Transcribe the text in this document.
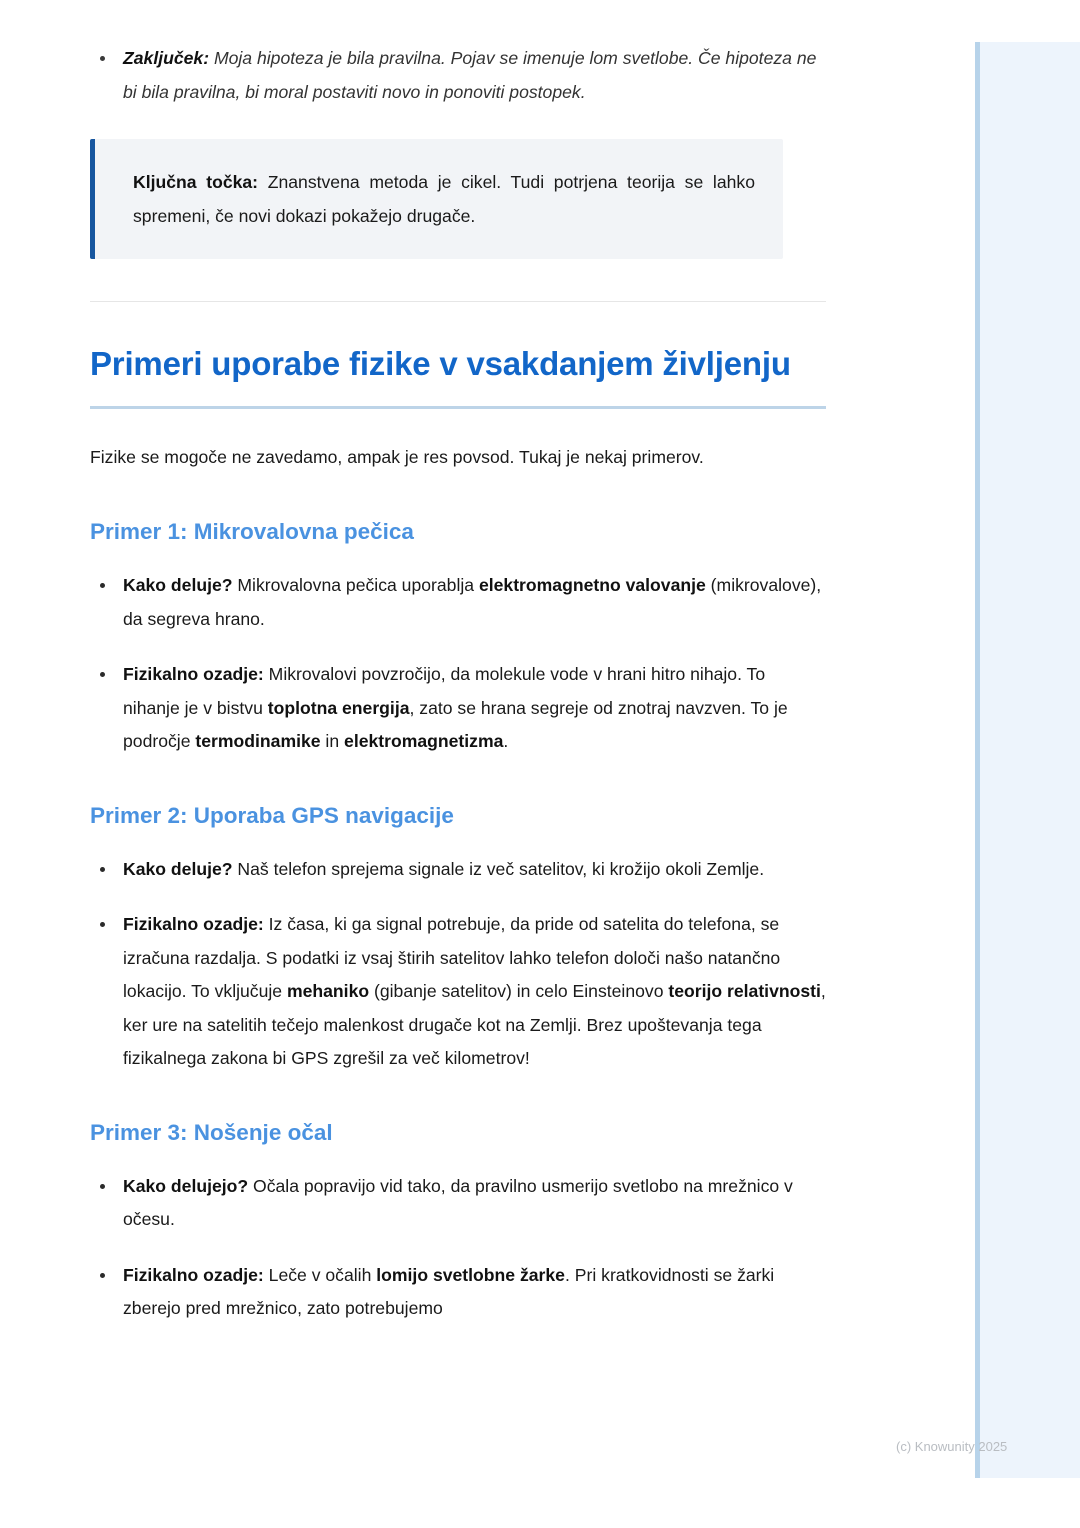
Zaključek: Moja hipoteza je bila pravilna. Pojav se imenuje lom svetlobe. Če hipoteza ne bi bila pravilna, bi moral postaviti novo in ponoviti postopek.

Ključna točka: Znanstvena metoda je cikel. Tudi potrjena teorija se lahko spremeni, če novi dokazi pokažejo drugače.

Primeri uporabe fizike v vsakdanjem življenju

Fizike se mogoče ne zavedamo, ampak je res povsod. Tukaj je nekaj primerov.

Primer 1: Mikrovalovna pečica
Kako deluje? Mikrovalovna pečica uporablja elektromagnetno valovanje (mikrovalove), da segreva hrano.
Fizikalno ozadje: Mikrovalovi povzročijo, da molekule vode v hrani hitro nihajo. To nihanje je v bistvu toplotna energija, zato se hrana segreje od znotraj navzven. To je področje termodinamike in elektromagnetizma.
Primer 2: Uporaba GPS navigacije
Kako deluje? Naš telefon sprejema signale iz več satelitov, ki krožijo okoli Zemlje.
Fizikalno ozadje: Iz časa, ki ga signal potrebuje, da pride od satelita do telefona, se izračuna razdalja. S podatki iz vsaj štirih satelitov lahko telefon določi našo natančno lokacijo. To vključuje mehaniko (gibanje satelitov) in celo Einsteinovo teorijo relativnosti, ker ure na satelitih tečejo malenkost drugače kot na Zemlji. Brez upoštevanja tega fizikalnega zakona bi GPS zgrešil za več kilometrov!
Primer 3: Nošenje očal
Kako delujejo? Očala popravijo vid tako, da pravilno usmerijo svetlobo na mrežnico v očesu.
Fizikalno ozadje: Leče v očalih lomijo svetlobne žarke. Pri kratkovidnosti se žarki zberejo pred mrežnico, zato potrebujemo
(c) Knowunity 2025
